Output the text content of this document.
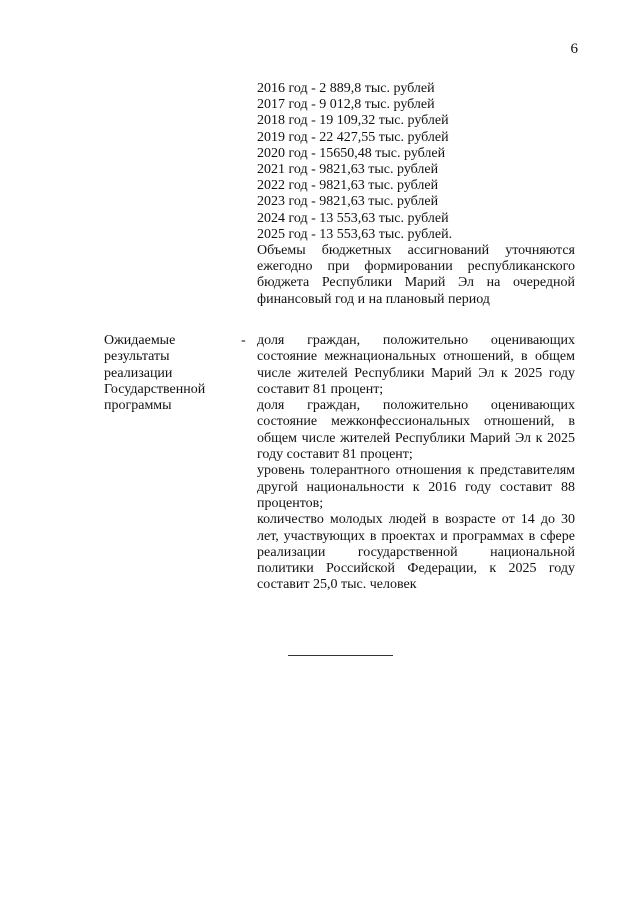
6
2016 год - 2 889,8 тыс. рублей
2017 год - 9 012,8 тыс. рублей
2018 год - 19 109,32 тыс. рублей
2019 год - 22 427,55 тыс. рублей
2020 год - 15650,48 тыс. рублей
2021 год - 9821,63 тыс. рублей
2022 год - 9821,63 тыс. рублей
2023 год - 9821,63 тыс. рублей
2024 год - 13 553,63 тыс. рублей
2025 год - 13 553,63 тыс. рублей.
Объемы бюджетных ассигнований уточняются ежегодно при формировании республиканского бюджета Республики Марий Эл на очередной финансовый год и на плановый период
Ожидаемые
результаты
реализации
Государственной
программы
- доля граждан, положительно оценивающих состояние межнациональных отношений, в общем числе жителей Республики Марий Эл к 2025 году составит 81 процент;

доля граждан, положительно оценивающих состояние межконфессиональных отношений, в общем числе жителей Республики Марий Эл к 2025 году составит 81 процент;

уровень толерантного отношения к представителям другой национальности к 2016 году составит 88 процентов;

количество молодых людей в возрасте от 14 до 30 лет, участвующих в проектах и программах в сфере реализации государственной национальной политики Российской Федерации, к 2025 году составит 25,0 тыс. человек
